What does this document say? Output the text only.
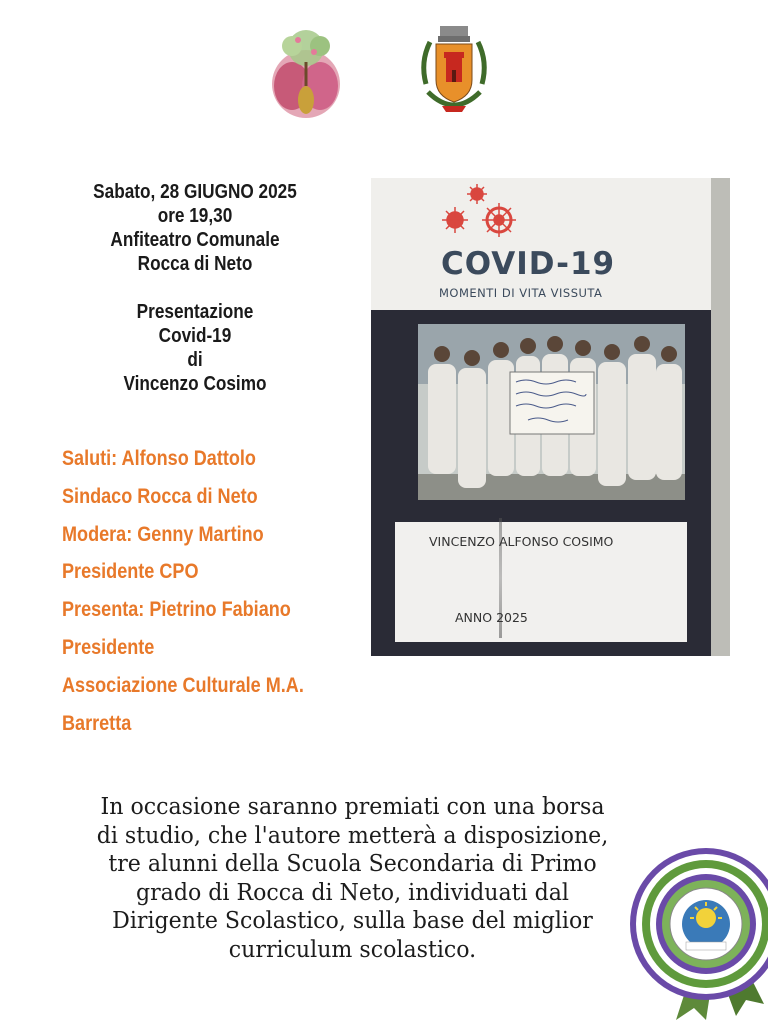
Sabato, 28 GIUGNO 2025
ore 19,30
Anfiteatro Comunale
Rocca di Neto
Presentazione
Covid-19
di
Vincenzo Cosimo
Saluti: Alfonso Dattolo
Sindaco Rocca di Neto
Modera: Genny Martino
Presidente CPO
Presenta: Pietrino Fabiano
Presidente
Associazione Culturale M.A.
Barretta
COVID-19
MOMENTI DI VITA VISSUTA
VINCENZO ALFONSO COSIMO
ANNO 2025
In occasione saranno premiati con una borsa
di studio, che l'autore metterà a disposizione,
tre alunni della Scuola Secondaria di Primo
grado di Rocca di Neto, individuati dal
Dirigente Scolastico, sulla base del miglior
curriculum scolastico.
